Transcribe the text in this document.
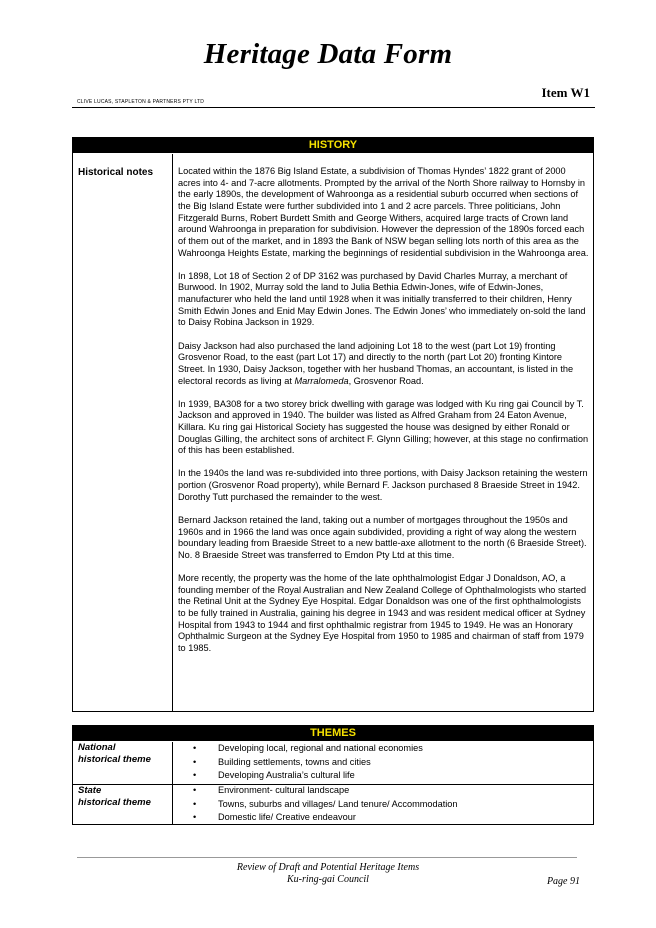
Heritage Data Form
Item W1
CLIVE LUCAS, STAPLETON & PARTNERS PTY LTD
HISTORY
Historical notes	Located within the 1876 Big Island Estate, a subdivision of Thomas Hyndes’ 1822 grant of 2000 acres into 4- and 7-acre allotments. Prompted by the arrival of the North Shore railway to Hornsby in the early 1890s, the development of Wahroonga as a residential suburb occurred when sections of the Big Island Estate were further subdivided into 1 and 2 acre parcels. Three politicians, John Fitzgerald Burns, Robert Burdett Smith and George Withers, acquired large tracts of Crown land around Wahroonga in preparation for subdivision. However the depression of the 1890s forced each of them out of the market, and in 1893 the Bank of NSW began selling lots north of this area as the Wahroonga Heights Estate, marking the beginnings of residential subdivision in the Wahroonga area.

In 1898, Lot 18 of Section 2 of DP 3162 was purchased by David Charles Murray, a merchant of Burwood. In 1902, Murray sold the land to Julia Bethia Edwin-Jones, wife of Edwin-Jones, manufacturer who held the land until 1928 when it was initially transferred to their children, Henry Smith Edwin Jones and Enid May Edwin Jones. The Edwin Jones’ who immediately on-sold the land to Daisy Robina Jackson in 1929.

Daisy Jackson had also purchased the land adjoining Lot 18 to the west (part Lot 19) fronting Grosvenor Road, to the east (part Lot 17) and directly to the north (part Lot 20) fronting Kintore Street. In 1930, Daisy Jackson, together with her husband Thomas, an accountant, is listed in the electoral records as living at Marralomeda, Grosvenor Road.

In 1939, BA308 for a two storey brick dwelling with garage was lodged with Ku ring gai Council by T. Jackson and approved in 1940. The builder was listed as Alfred Graham from 24 Eaton Avenue, Killara. Ku ring gai Historical Society has suggested the house was designed by either Ronald or Douglas Gilling, the architect sons of architect F. Glynn Gilling; however, at this stage no confirmation of this has been established.

In the 1940s the land was re-subdivided into three portions, with Daisy Jackson retaining the western portion (Grosvenor Road property), while Bernard F. Jackson purchased 8 Braeside Street in 1942. Dorothy Tutt purchased the remainder to the west.

Bernard Jackson retained the land, taking out a number of mortgages throughout the 1950s and 1960s and in 1966 the land was once again subdivided, providing a right of way along the western boundary leading from Braeside Street to a new battle-axe allotment to the north (6 Braeside Street). No. 8 Braeside Street was transferred to Emdon Pty Ltd at this time.

More recently, the property was the home of the late ophthalmologist Edgar J Donaldson, AO, a founding member of the Royal Australian and New Zealand College of Ophthalmologists who started the Retinal Unit at the Sydney Eye Hospital. Edgar Donaldson was one of the first ophthalmologists to be fully trained in Australia, gaining his degree in 1943 and was resident medical officer at Sydney Hospital from 1943 to 1944 and first ophthalmic registrar from 1945 to 1949. He was an Honorary Ophthalmic Surgeon at the Sydney Eye Hospital from 1950 to 1985 and chairman of staff from 1979 to 1985.

THEMES
National
historical theme
• Developing local, regional and national economies
• Building settlements, towns and cities
• Developing Australia’s cultural life
State
historical theme
• Environment- cultural landscape
• Towns, suburbs and villages/ Land tenure/ Accommodation
• Domestic life/ Creative endeavour
Review of Draft and Potential Heritage Items
Ku-ring-gai Council	Page 91
